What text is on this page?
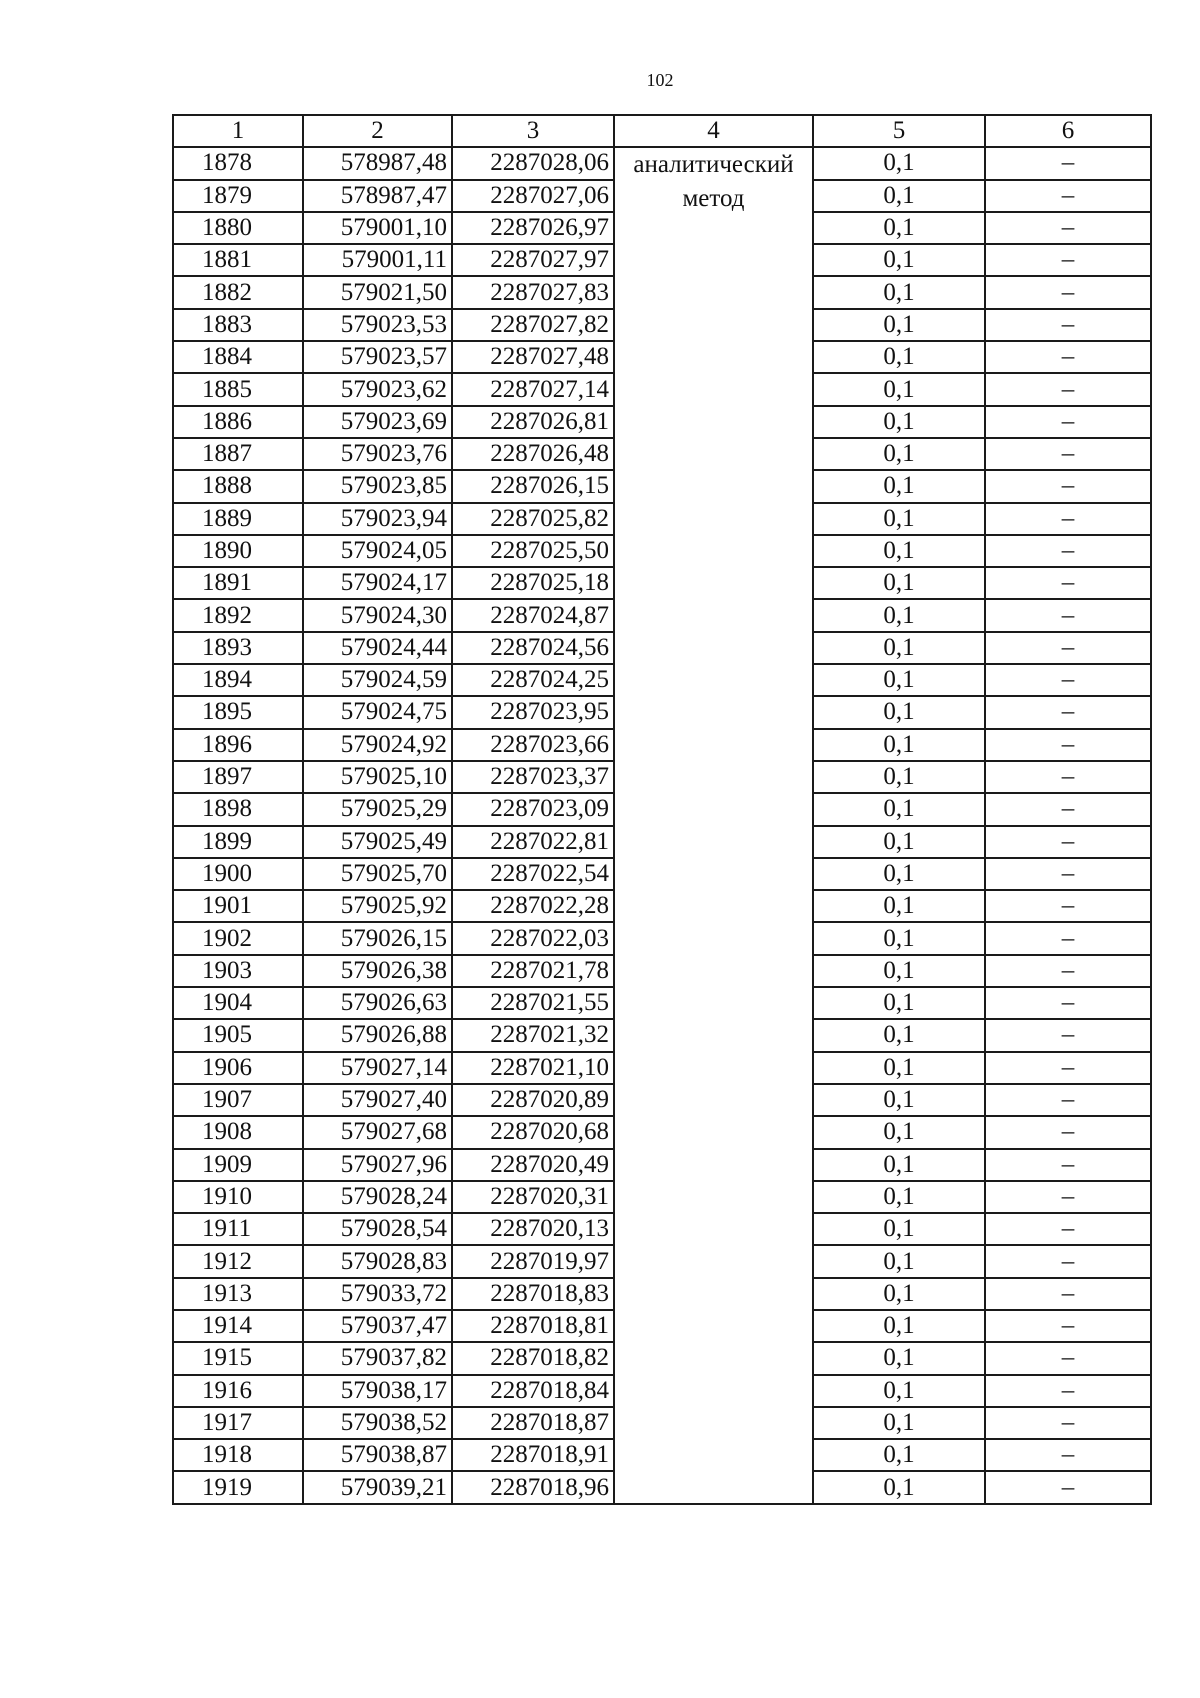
102
1	2	3	4	5	6
1878	578987,48	2287028,06	аналитический метод	0,1	–
1879	578987,47	2287027,06		0,1	–
1880	579001,10	2287026,97		0,1	–
1881	579001,11	2287027,97		0,1	–
1882	579021,50	2287027,83		0,1	–
1883	579023,53	2287027,82		0,1	–
1884	579023,57	2287027,48		0,1	–
1885	579023,62	2287027,14		0,1	–
1886	579023,69	2287026,81		0,1	–
1887	579023,76	2287026,48		0,1	–
1888	579023,85	2287026,15		0,1	–
1889	579023,94	2287025,82		0,1	–
1890	579024,05	2287025,50		0,1	–
1891	579024,17	2287025,18		0,1	–
1892	579024,30	2287024,87		0,1	–
1893	579024,44	2287024,56		0,1	–
1894	579024,59	2287024,25		0,1	–
1895	579024,75	2287023,95		0,1	–
1896	579024,92	2287023,66		0,1	–
1897	579025,10	2287023,37		0,1	–
1898	579025,29	2287023,09		0,1	–
1899	579025,49	2287022,81		0,1	–
1900	579025,70	2287022,54		0,1	–
1901	579025,92	2287022,28		0,1	–
1902	579026,15	2287022,03		0,1	–
1903	579026,38	2287021,78		0,1	–
1904	579026,63	2287021,55		0,1	–
1905	579026,88	2287021,32		0,1	–
1906	579027,14	2287021,10		0,1	–
1907	579027,40	2287020,89		0,1	–
1908	579027,68	2287020,68		0,1	–
1909	579027,96	2287020,49		0,1	–
1910	579028,24	2287020,31		0,1	–
1911	579028,54	2287020,13		0,1	–
1912	579028,83	2287019,97		0,1	–
1913	579033,72	2287018,83		0,1	–
1914	579037,47	2287018,81		0,1	–
1915	579037,82	2287018,82		0,1	–
1916	579038,17	2287018,84		0,1	–
1917	579038,52	2287018,87		0,1	–
1918	579038,87	2287018,91		0,1	–
1919	579039,21	2287018,96		0,1	–
